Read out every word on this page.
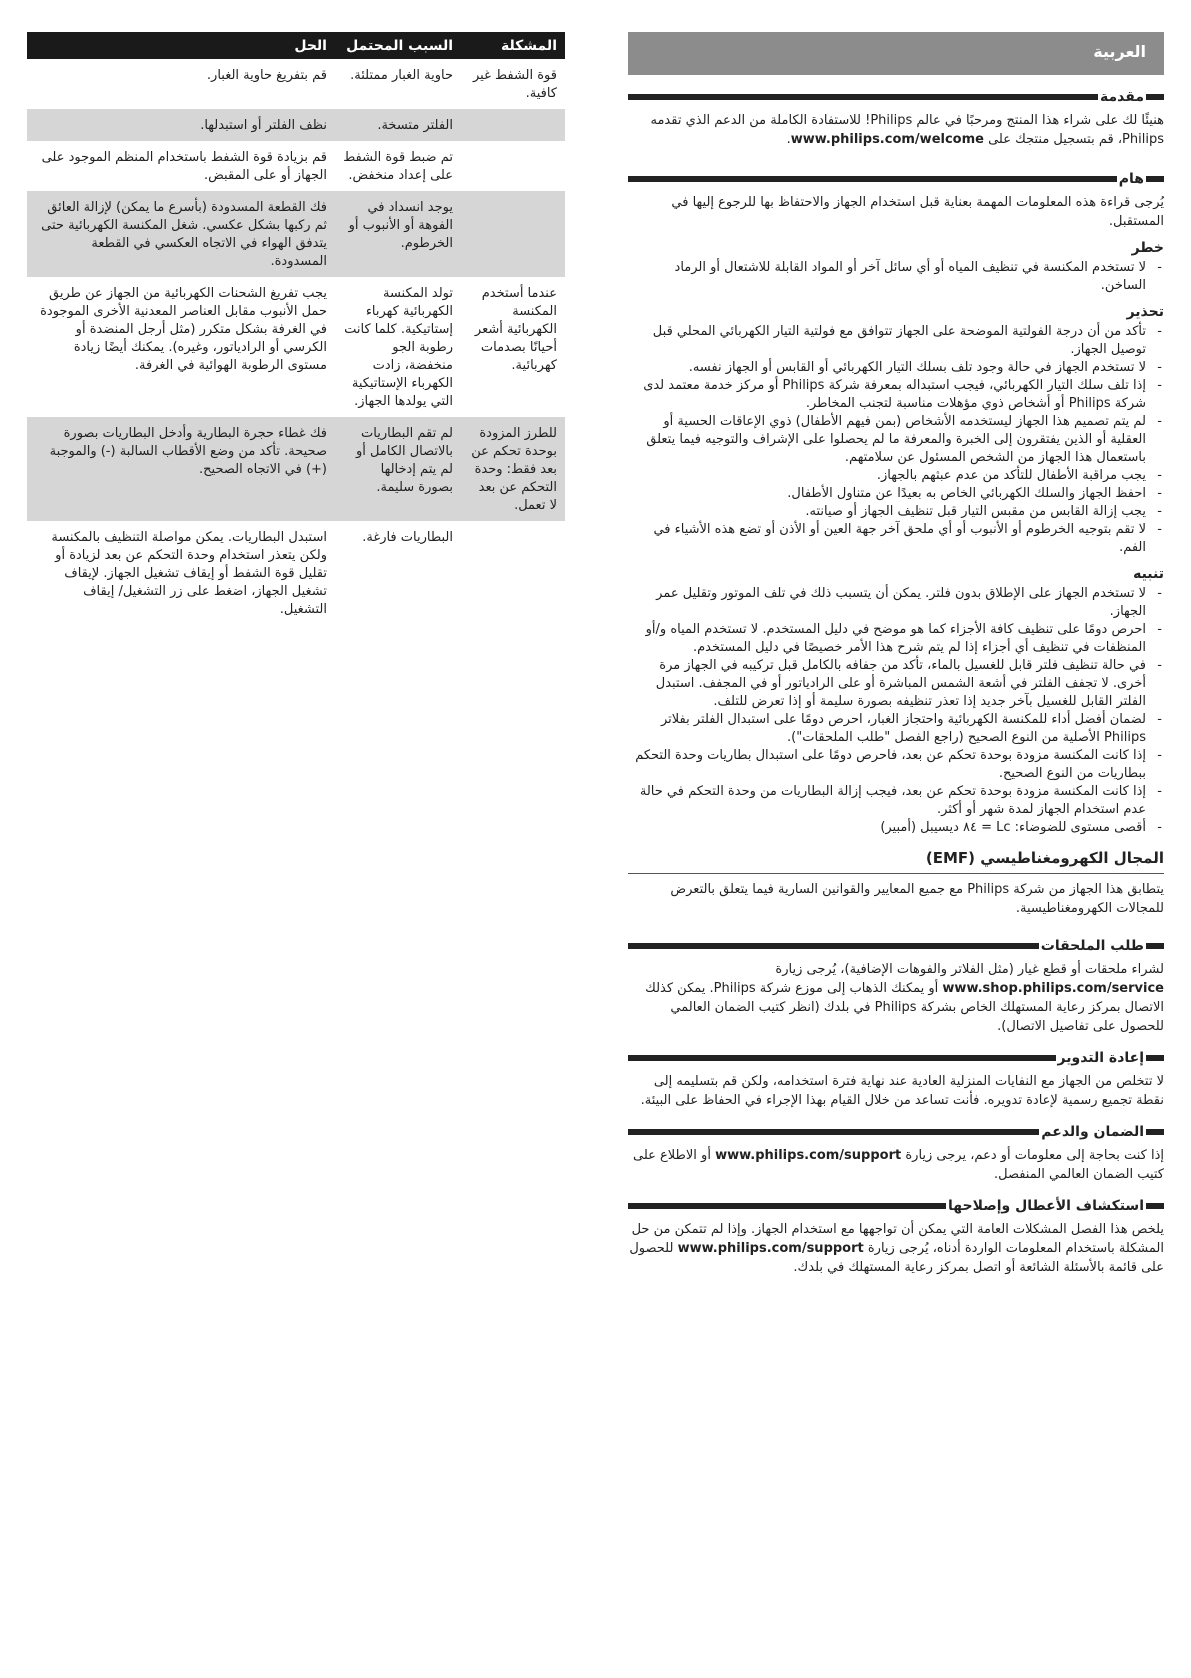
المشكلة	السبب المحتمل	الحل
قوة الشفط غير كافية.	حاوية الغبار ممتلئة.	قم بتفريغ حاوية الغبار.
	الفلتر متسخة.	نظف الفلتر أو استبدلها.
	تم ضبط قوة الشفط على إعداد منخفض.	قم بزيادة قوة الشفط باستخدام المنظم الموجود على الجهاز أو على المقبض.
	يوجد انسداد في الفوهة أو الأنبوب أو الخرطوم.	فك القطعة المسدودة (بأسرع ما يمكن) لإزالة العائق ثم ركبها بشكل عكسي. شغل المكنسة الكهربائية حتى يتدفق الهواء في الاتجاه العكسي في القطعة المسدودة.
عندما أستخدم المكنسة الكهربائية أشعر أحيانًا بصدمات كهربائية.	تولد المكنسة الكهربائية كهرباء إستاتيكية. كلما كانت رطوبة الجو منخفضة، زادت الكهرباء الإستاتيكية التي يولدها الجهاز.	يجب تفريغ الشحنات الكهربائية من الجهاز عن طريق حمل الأنبوب مقابل العناصر المعدنية الأخرى الموجودة في الغرفة بشكل متكرر (مثل أرجل المنضدة أو الكرسي أو الرادياتور، وغيره). يمكنك أيضًا زيادة مستوى الرطوبة الهوائية في الغرفة.
للطرز المزودة بوحدة تحكم عن بعد فقط: وحدة التحكم عن بعد لا تعمل.	لم تقم البطاريات بالاتصال الكامل أو لم يتم إدخالها بصورة سليمة.	فك غطاء حجرة البطارية وأدخل البطاريات بصورة صحيحة. تأكد من وضع الأقطاب السالبة (-) والموجبة (+) في الاتجاه الصحيح.
	البطاريات فارغة.	استبدل البطاريات. يمكن مواصلة التنظيف بالمكنسة ولكن يتعذر استخدام وحدة التحكم عن بعد لزيادة أو تقليل قوة الشفط أو إيقاف تشغيل الجهاز. لإيقاف تشغيل الجهاز، اضغط على زر التشغيل/ إيقاف التشغيل.
العربية
مقدمة

هنيئًا لك على شراء هذا المنتج ومرحبًا في عالم Philips! للاستفادة الكاملة من الدعم الذي تقدمه Philips، قم بتسجيل منتجك على www.philips.com/welcome.

هام

يُرجى قراءة هذه المعلومات المهمة بعناية قبل استخدام الجهاز والاحتفاظ بها للرجوع إليها في المستقبل.

خطر
- لا تستخدم المكنسة في تنظيف المياه أو أي سائل آخر أو المواد القابلة للاشتعال أو الرماد الساخن.
تحذير
- تأكد من أن درجة الفولتية الموضحة على الجهاز تتوافق مع فولتية التيار الكهربائي المحلي قبل توصيل الجهاز.
- لا تستخدم الجهاز في حالة وجود تلف بسلك التيار الكهربائي أو القابس أو الجهاز نفسه.
- إذا تلف سلك التيار الكهربائي، فيجب استبداله بمعرفة شركة Philips أو مركز خدمة معتمد لدى شركة Philips أو أشخاص ذوي مؤهلات مناسبة لتجنب المخاطر.
- لم يتم تصميم هذا الجهاز ليستخدمه الأشخاص (بمن فيهم الأطفال) ذوي الإعاقات الحسية أو العقلية أو الذين يفتقرون إلى الخبرة والمعرفة ما لم يحصلوا على الإشراف والتوجيه فيما يتعلق باستعمال هذا الجهاز من الشخص المسئول عن سلامتهم.
- يجب مراقبة الأطفال للتأكد من عدم عبثهم بالجهاز.
- احفظ الجهاز والسلك الكهربائي الخاص به بعيدًا عن متناول الأطفال.
- يجب إزالة القابس من مقبس التيار قبل تنظيف الجهاز أو صيانته.
- لا تقم بتوجيه الخرطوم أو الأنبوب أو أي ملحق آخر جهة العين أو الأذن أو تضع هذه الأشياء في الفم.
تنبيه
- لا تستخدم الجهاز على الإطلاق بدون فلتر. يمكن أن يتسبب ذلك في تلف الموتور وتقليل عمر الجهاز.
- احرص دومًا على تنظيف كافة الأجزاء كما هو موضح في دليل المستخدم. لا تستخدم المياه و/أو المنظفات في تنظيف أي أجزاء إذا لم يتم شرح هذا الأمر خصيصًا في دليل المستخدم.
- في حالة تنظيف فلتر قابل للغسيل بالماء، تأكد من جفافه بالكامل قبل تركيبه في الجهاز مرة أخرى. لا تجفف الفلتر في أشعة الشمس المباشرة أو على الرادياتور أو في المجفف. استبدل الفلتر القابل للغسيل بآخر جديد إذا تعذر تنظيفه بصورة سليمة أو إذا تعرض للتلف.
- لضمان أفضل أداء للمكنسة الكهربائية واحتجاز الغبار، احرص دومًا على استبدال الفلتر بفلاتر Philips الأصلية من النوع الصحيح (راجع الفصل "طلب الملحقات").
- إذا كانت المكنسة مزودة بوحدة تحكم عن بعد، فاحرص دومًا على استبدال بطاريات وحدة التحكم ببطاريات من النوع الصحيح.
- إذا كانت المكنسة مزودة بوحدة تحكم عن بعد، فيجب إزالة البطاريات من وحدة التحكم في حالة عدم استخدام الجهاز لمدة شهر أو أكثر.
- أقصى مستوى للضوضاء: Lc = ٨٤ ديسيبل (أمبير)
المجال الكهرومغناطيسي (EMF)

يتطابق هذا الجهاز من شركة Philips مع جميع المعايير والقوانين السارية فيما يتعلق بالتعرض للمجالات الكهرومغناطيسية.

طلب الملحقات

لشراء ملحقات أو قطع غيار (مثل الفلاتر والفوهات الإضافية)، يُرجى زيارة www.shop.philips.com/service أو يمكنك الذهاب إلى موزع شركة Philips. يمكن كذلك الاتصال بمركز رعاية المستهلك الخاص بشركة Philips في بلدك (انظر كتيب الضمان العالمي للحصول على تفاصيل الاتصال).

إعادة التدوير

لا تتخلص من الجهاز مع النفايات المنزلية العادية عند نهاية فترة استخدامه، ولكن قم بتسليمه إلى نقطة تجميع رسمية لإعادة تدويره. فأنت تساعد من خلال القيام بهذا الإجراء في الحفاظ على البيئة.

الضمان والدعم

إذا كنت بحاجة إلى معلومات أو دعم، يرجى زيارة www.philips.com/support أو الاطلاع على كتيب الضمان العالمي المنفصل.

استكشاف الأعطال وإصلاحها

يلخص هذا الفصل المشكلات العامة التي يمكن أن تواجهها مع استخدام الجهاز. وإذا لم تتمكن من حل المشكلة باستخدام المعلومات الواردة أدناه، يُرجى زيارة www.philips.com/support للحصول على قائمة بالأسئلة الشائعة أو اتصل بمركز رعاية المستهلك في بلدك.
